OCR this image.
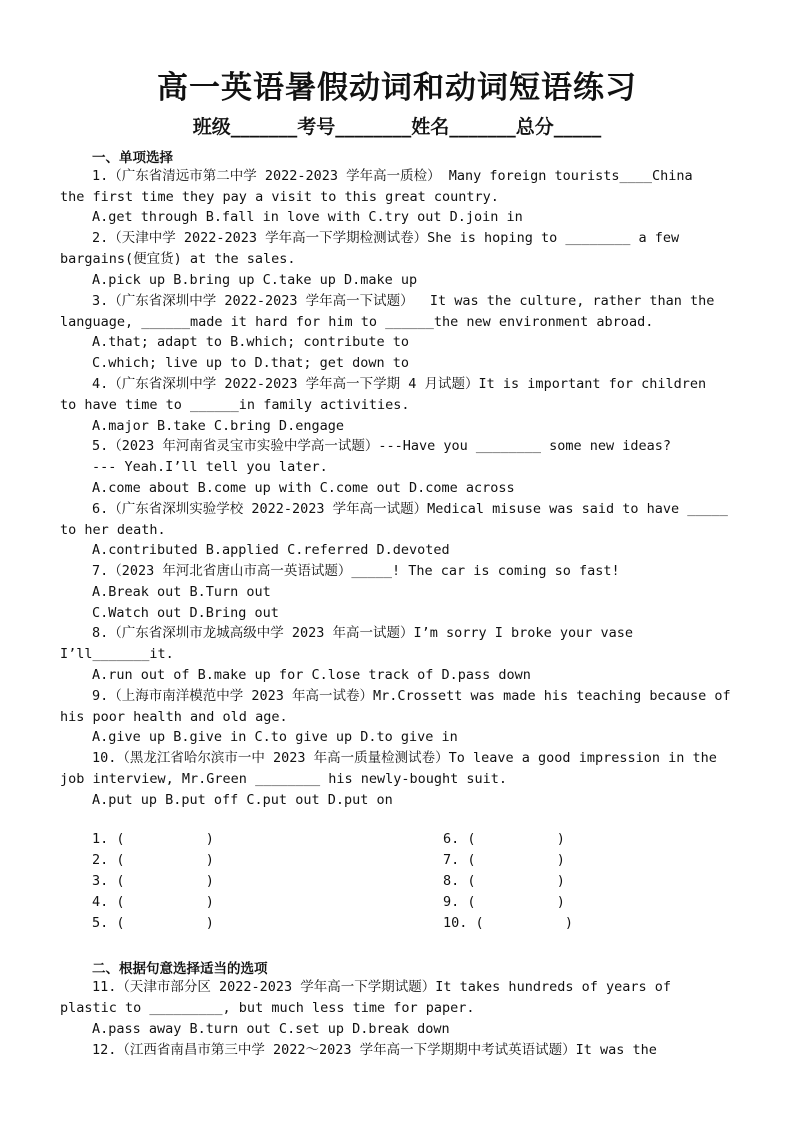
高一英语暑假动词和动词短语练习
班级_______考号________姓名_______总分_____
一、单项选择
1.（广东省清远市第二中学 2022-2023 学年高一质检） Many foreign tourists____China
the first time they pay a visit to this great country.
A.get through B.fall in love with C.try out D.join in
2.（天津中学 2022-2023 学年高一下学期检测试卷）She is hoping to ________ a few
bargains(便宜货) at the sales.
A.pick up B.bring up C.take up D.make up
3.（广东省深圳中学 2022-2023 学年高一下试题）  It was the culture, rather than the
language, ______made it hard for him to ______the new environment abroad.
A.that; adapt to B.which; contribute to
C.which; live up to D.that; get down to
4.（广东省深圳中学 2022-2023 学年高一下学期 4 月试题）It is important for children
to have time to ______in family activities.
A.major B.take C.bring D.engage
5.（2023 年河南省灵宝市实验中学高一试题）---Have you ________ some new ideas?
--- Yeah.I’ll tell you later.
A.come about B.come up with C.come out D.come across
6.（广东省深圳实验学校 2022-2023 学年高一试题）Medical misuse was said to have _____
to her death.
A.contributed B.applied C.referred D.devoted
7.（2023 年河北省唐山市高一英语试题）_____! The car is coming so fast!
A.Break out B.Turn out
C.Watch out D.Bring out
8.（广东省深圳市龙城高级中学 2023 年高一试题）I’m sorry I broke your vase
I’ll_______it.
A.run out of B.make up for C.lose track of D.pass down
9.（上海市南洋模范中学 2023 年高一试卷）Mr.Crossett was made his teaching because of
his poor health and old age.
A.give up B.give in C.to give up D.to give in
10.（黑龙江省哈尔滨市一中 2023 年高一质量检测试卷）To leave a good impression in the
job interview, Mr.Green ________ his newly-bought suit.
A.put up B.put off C.put out D.put on
1. (          )
2. (          )
3. (          )
4. (          )
5. (          )
6. (          )
7. (          )
8. (          )
9. (          )
10. (          )
二、根据句意选择适当的选项
11.（天津市部分区 2022-2023 学年高一下学期试题）It takes hundreds of years of
plastic to _________, but much less time for paper.
A.pass away B.turn out C.set up D.break down
12.（江西省南昌市第三中学 2022～2023 学年高一下学期期中考试英语试题）It was the
